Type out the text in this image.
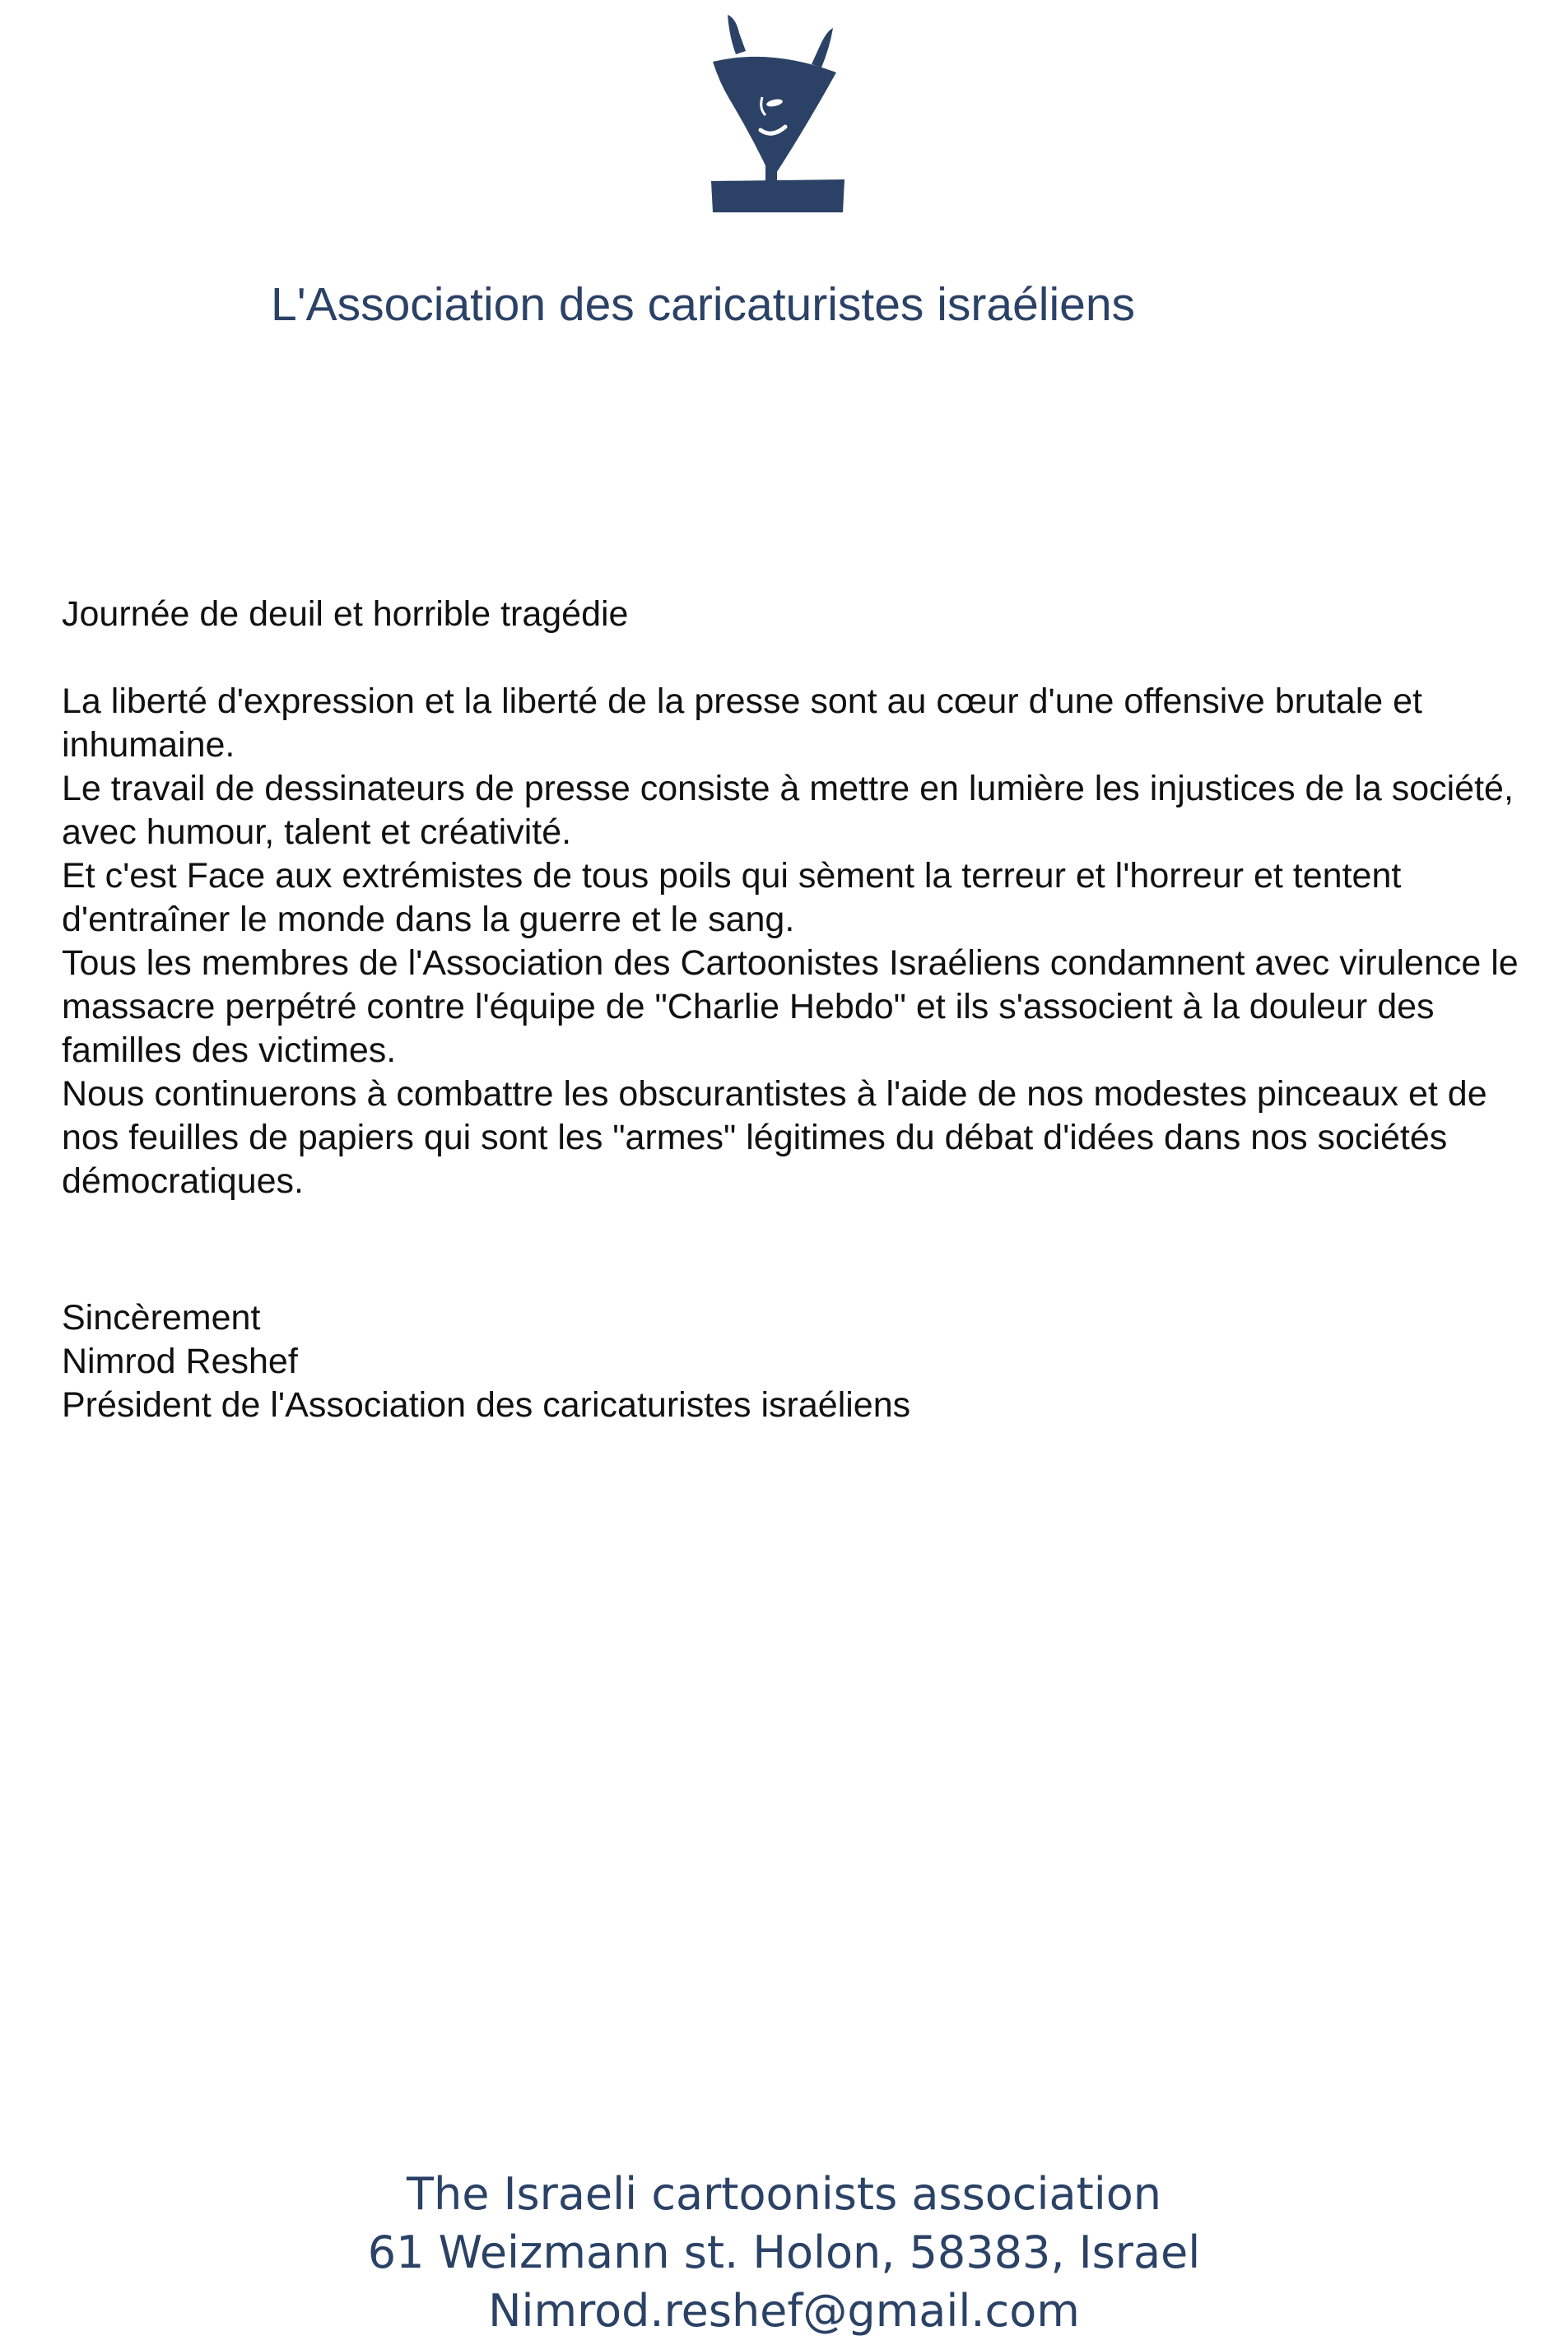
L'Association des caricaturistes israéliens

Journée de deuil et horrible tragédie

La liberté d'expression et la liberté de la presse sont au cœur d'une offensive brutale et inhumaine.

Le travail de dessinateurs de presse consiste à mettre en lumière les injustices de la société, avec humour, talent et créativité.

Et c'est Face aux extrémistes de tous poils qui sèment la terreur et l'horreur et tentent d'entraîner le monde dans la guerre et le sang.

Tous les membres de l'Association des Cartoonistes Israéliens condamnent avec virulence le massacre perpétré contre l'équipe de "Charlie Hebdo" et ils s'associent à la douleur des familles des victimes.

Nous continuerons à combattre les obscurantistes à l'aide de nos modestes pinceaux et de nos feuilles de papiers qui sont les "armes" légitimes du débat d'idées dans nos sociétés démocratiques.

Sincèrement
Nimrod Reshef
Président de l'Association des caricaturistes israéliens
The Israeli cartoonists association
61 Weizmann st. Holon, 58383, Israel
Nimrod.reshef@gmail.com
